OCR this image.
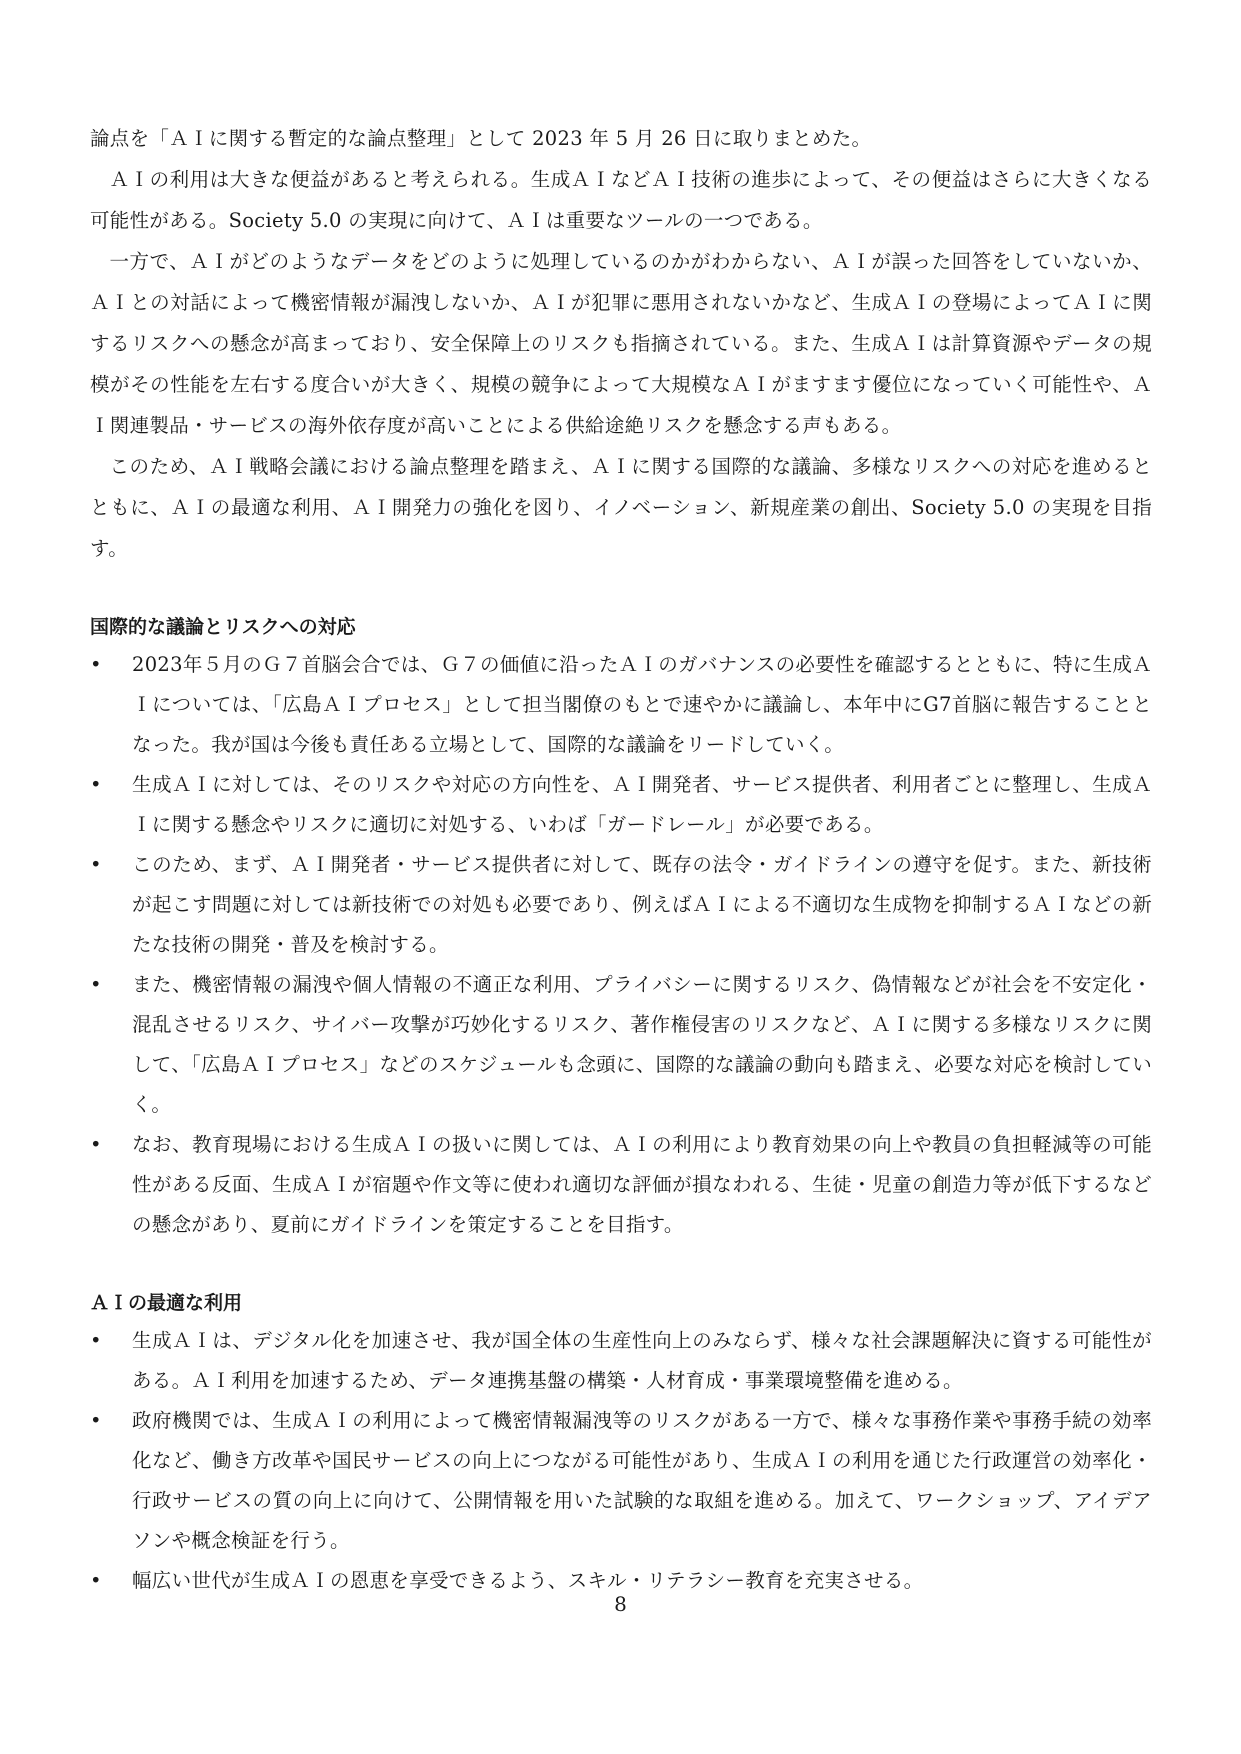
論点を「ＡＩに関する暫定的な論点整理」として 2023 年 5 月 26 日に取りまとめた。

ＡＩの利用は大きな便益があると考えられる。生成ＡＩなどＡＩ技術の進歩によって、その便益はさらに大きくなる可能性がある。Society 5.0 の実現に向けて、ＡＩは重要なツールの一つである。

一方で、ＡＩがどのようなデータをどのように処理しているのかがわからない、ＡＩが誤った回答をしていないか、ＡＩとの対話によって機密情報が漏洩しないか、ＡＩが犯罪に悪用されないかなど、生成ＡＩの登場によってＡＩに関するリスクへの懸念が高まっており、安全保障上のリスクも指摘されている。また、生成ＡＩは計算資源やデータの規模がその性能を左右する度合いが大きく、規模の競争によって大規模なＡＩがますます優位になっていく可能性や、ＡＩ関連製品・サービスの海外依存度が高いことによる供給途絶リスクを懸念する声もある。

このため、ＡＩ戦略会議における論点整理を踏まえ、ＡＩに関する国際的な議論、多様なリスクへの対応を進めるとともに、ＡＩの最適な利用、ＡＩ開発力の強化を図り、イノベーション、新規産業の創出、Society 5.0 の実現を目指す。

国際的な議論とリスクへの対応
• 2023年５月のＧ７首脳会合では、Ｇ７の価値に沿ったＡＩのガバナンスの必要性を確認するとともに、特に生成ＡＩについては、「広島ＡＩプロセス」として担当閣僚のもとで速やかに議論し、本年中にG7首脳に報告することとなった。我が国は今後も責任ある立場として、国際的な議論をリードしていく。
• 生成ＡＩに対しては、そのリスクや対応の方向性を、ＡＩ開発者、サービス提供者、利用者ごとに整理し、生成ＡＩに関する懸念やリスクに適切に対処する、いわば「ガードレール」が必要である。
• このため、まず、ＡＩ開発者・サービス提供者に対して、既存の法令・ガイドラインの遵守を促す。また、新技術が起こす問題に対しては新技術での対処も必要であり、例えばＡＩによる不適切な生成物を抑制するＡＩなどの新たな技術の開発・普及を検討する。
• また、機密情報の漏洩や個人情報の不適正な利用、プライバシーに関するリスク、偽情報などが社会を不安定化・混乱させるリスク、サイバー攻撃が巧妙化するリスク、著作権侵害のリスクなど、ＡＩに関する多様なリスクに関して、「広島ＡＩプロセス」などのスケジュールも念頭に、国際的な議論の動向も踏まえ、必要な対応を検討していく。
• なお、教育現場における生成ＡＩの扱いに関しては、ＡＩの利用により教育効果の向上や教員の負担軽減等の可能性がある反面、生成ＡＩが宿題や作文等に使われ適切な評価が損なわれる、生徒・児童の創造力等が低下するなどの懸念があり、夏前にガイドラインを策定することを目指す。
ＡＩの最適な利用
• 生成ＡＩは、デジタル化を加速させ、我が国全体の生産性向上のみならず、様々な社会課題解決に資する可能性がある。ＡＩ利用を加速するため、データ連携基盤の構築・人材育成・事業環境整備を進める。
• 政府機関では、生成ＡＩの利用によって機密情報漏洩等のリスクがある一方で、様々な事務作業や事務手続の効率化など、働き方改革や国民サービスの向上につながる可能性があり、生成ＡＩの利用を通じた行政運営の効率化・行政サービスの質の向上に向けて、公開情報を用いた試験的な取組を進める。加えて、ワークショップ、アイデアソンや概念検証を行う。
• 幅広い世代が生成ＡＩの恩恵を享受できるよう、スキル・リテラシー教育を充実させる。
8
